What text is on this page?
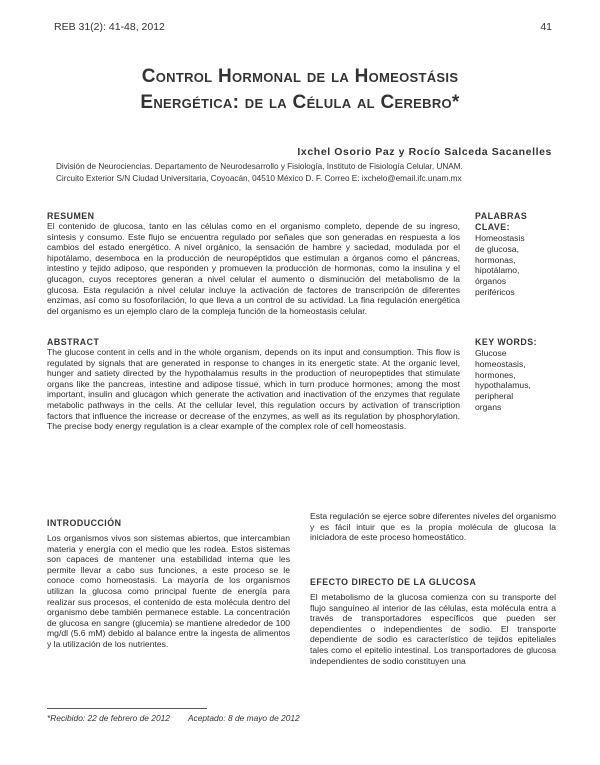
REB 31(2): 41-48, 2012	41
Control Hormonal de la Homeostásis
Energética: de la Célula al Cerebro*
Ixchel Osorio Paz y Rocío Salceda Sacanelles
División de Neurociencias. Departamento de Neurodesarrollo y Fisiología, Instituto de Fisiología Celular, UNAM.
Circuito Exterior S/N Ciudad Universitaria, Coyoacán, 04510 México D. F. Correo E: ixchelo@email.ifc.unam.mx
RESUMEN

El contenido de glucosa, tanto en las células como en el organismo completo, depende de su ingreso, síntesis y consumo. Este flujo se encuentra regulado por señales que son generadas en respuesta a los cambios del estado energético. A nivel orgánico, la sensación de hambre y saciedad, modulada por el hipotálamo, desemboca en la producción de neuropéptidos que estimulan a órganos como el páncreas, intestino y tejido adiposo, que responden y promueven la producción de hormonas, como la insulina y el glucagon, cuyos receptores generan a nivel celular el aumento o disminución del metabolismo de la glucosa. Esta regulación a nivel celular incluye la activación de factores de transcripción de diferentes enzimas, así como su fosoforilación, lo que lleva a un control de su actividad. La fina regulación energética del organismo es un ejemplo claro de la compleja función de la homeostasis celular.

PALABRAS CLAVE:
Homeostasis
de glucosa,
hormonas,
hipotálamo,
órganos
periféricos
ABSTRACT

The glucose content in cells and in the whole organism, depends on its input and consumption. This flow is regulated by signals that are generated in response to changes in its energetic state. At the organic level, hunger and satiety directed by the hypothalamus results in the production of neuropeptides that stimulate organs like the pancreas, intestine and adipose tissue, which in turn produce hormones; among the most important, insulin and glucagon which generate the activation and inactivation of the enzymes that regulate metabolic pathways in the cells. At the cellular level, this regulation occurs by activation of transcription factors that influence the increase or decrease of the enzymes, as well as its regulation by phosphorylation. The precise body energy regulation is a clear example of the complex role of cell homeostasis.

KEY WORDS:
Glucose
homeostasis,
hormones,
hypothalamus,
peripheral
organs
INTRODUCCIÓN

Los organismos vivos son sistemas abiertos, que intercambian materia y energía con el medio que les rodea. Estos sistemas son capaces de mantener una estabilidad interna que les permite llevar a cabo sus funciones, a este proceso se le conoce como homeostasis. La mayoría de los organismos utilizan la glucosa como principal fuente de energía para realizar sus procesos, el contenido de esta molécula dentro del organismo debe también permanece estable. La concentración de glucosa en sangre (glucemia) se mantiene alrededor de 100 mg/dl (5.6 mM) debido al balance entre la ingesta de alimentos y la utilización de los nutrientes.

Esta regulación se ejerce sobre diferentes niveles del organismo y es fácil intuir que es la propia molécula de glucosa la iniciadora de este proceso homeostático.

EFECTO DIRECTO DE LA GLUCOSA

El metabolismo de la glucosa comienza con su transporte del flujo sanguíneo al interior de las células, esta molécula entra a través de transportadores específicos que pueden ser dependientes o independientes de sodio. El transporte dependiente de sodio es característico de tejidos epiteliales tales como el epitelio intestinal. Los transportadores de glucosa independientes de sodio constituyen una

*Recibido: 22 de febrero de 2012 Aceptado: 8 de mayo de 2012
